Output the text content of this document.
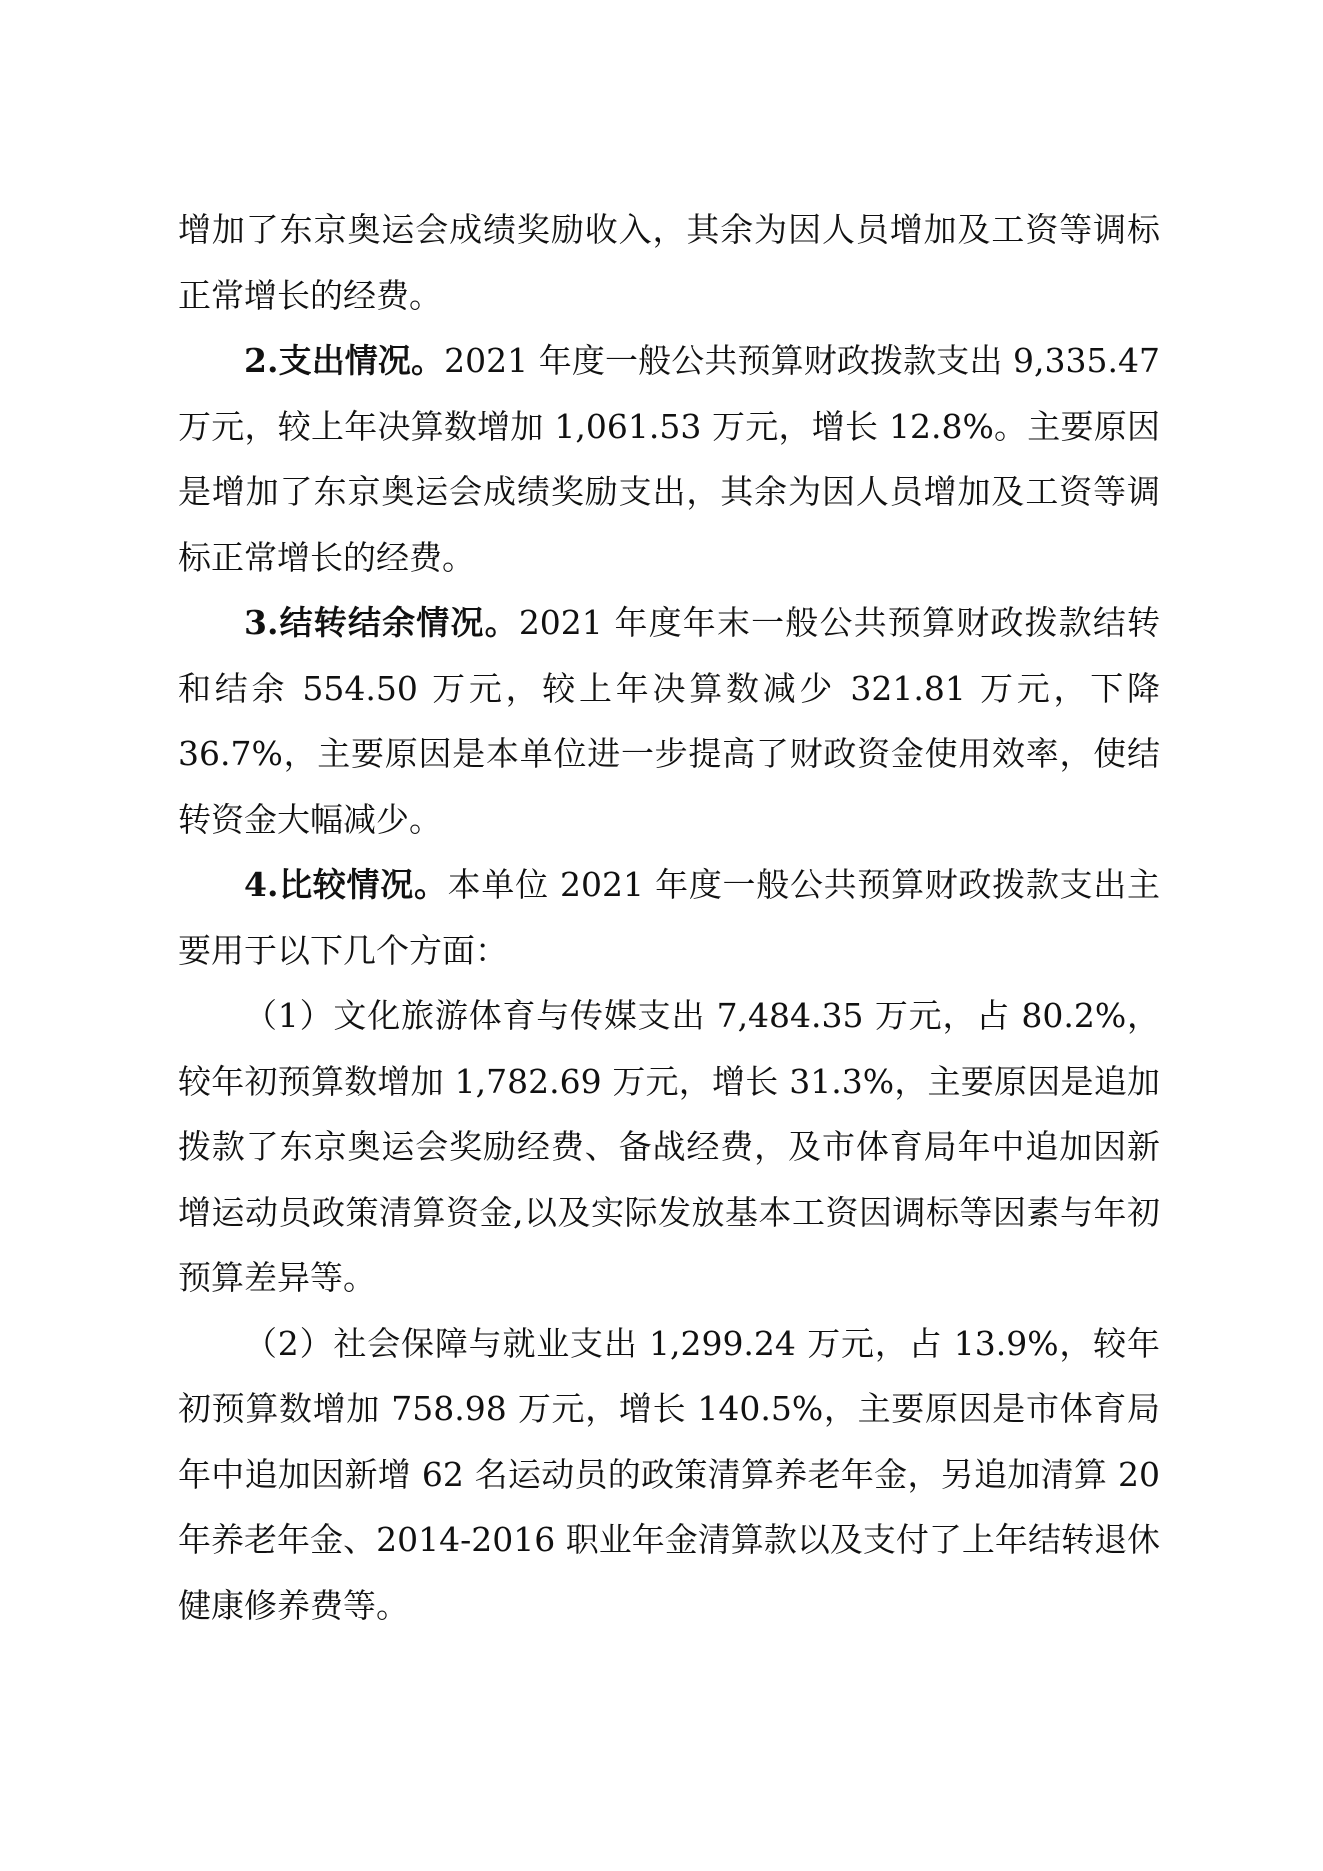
增加了东京奥运会成绩奖励收入，其余为因人员增加及工资等调标正常增长的经费。

2.支出情况。2021 年度一般公共预算财政拨款支出 9,335.47 万元，较上年决算数增加 1,061.53 万元，增长 12.8%。主要原因是增加了东京奥运会成绩奖励支出，其余为因人员增加及工资等调标正常增长的经费。

3.结转结余情况。2021 年度年末一般公共预算财政拨款结转和结余 554.50 万元，较上年决算数减少 321.81 万元，下降 36.7%，主要原因是本单位进一步提高了财政资金使用效率，使结转资金大幅减少。

4.比较情况。本单位 2021 年度一般公共预算财政拨款支出主要用于以下几个方面：

（1）文化旅游体育与传媒支出 7,484.35 万元，占 80.2%，较年初预算数增加 1,782.69 万元，增长 31.3%，主要原因是追加拨款了东京奥运会奖励经费、备战经费，及市体育局年中追加因新增运动员政策清算资金,以及实际发放基本工资因调标等因素与年初预算差异等。

（2）社会保障与就业支出 1,299.24 万元，占 13.9%，较年初预算数增加 758.98 万元，增长 140.5%，主要原因是市体育局年中追加因新增 62 名运动员的政策清算养老年金，另追加清算 20 年养老年金、2014-2016 职业年金清算款以及支付了上年结转退休健康修养费等。
